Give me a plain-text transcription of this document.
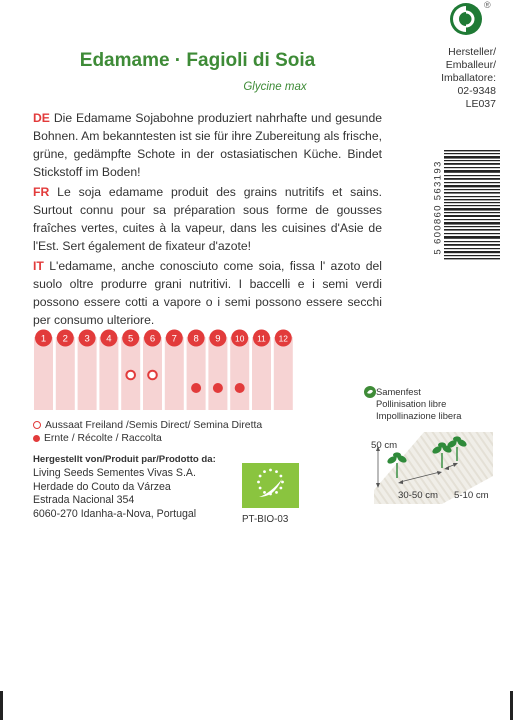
Edamame · Fagioli di Soia
Glycine max
®
Hersteller/
Emballeur/
Imballatore:
02-9348
LE037
5 600860 563193
DE Die Edamame Sojabohne produziert nahrhafte und gesunde Bohnen. Am bekanntesten ist sie für ihre Zubereitung als frische, grüne, gedämpfte Schote in der ostasiatischen Küche. Bindet Stickstoff im Boden!
FR Le soja edamame produit des grains nutritifs et sains. Surtout connu pour sa préparation sous forme de gousses fraîches vertes, cuites à la vapeur, dans les cuisines d'Asie de l'Est. Sert également de fixateur d'azote!
IT L'edamame, anche conosciuto come soia, fissa l' azoto del suolo oltre produrre grani nutritivi. I baccelli e i semi verdi possono essere cotti a vapore o i semi possono essere secchi per consumo ulteriore.
1 2 3 4 5 6 7 8 9 10 11 12
Aussaat Freiland /Semis Direct/ Semina Diretta
Ernte / Récolte / Raccolta
Hergestellt von/Produit par/Prodotto da:
Living Seeds Sementes Vivas S.A.
Herdade do Couto da Várzea
Estrada Nacional 354
6060-270 Idanha-a-Nova, Portugal	PT-BIO-03
Samenfest
Pollinisation libre
Impollinazione libera
50 cm
30-50 cm 5-10 cm
